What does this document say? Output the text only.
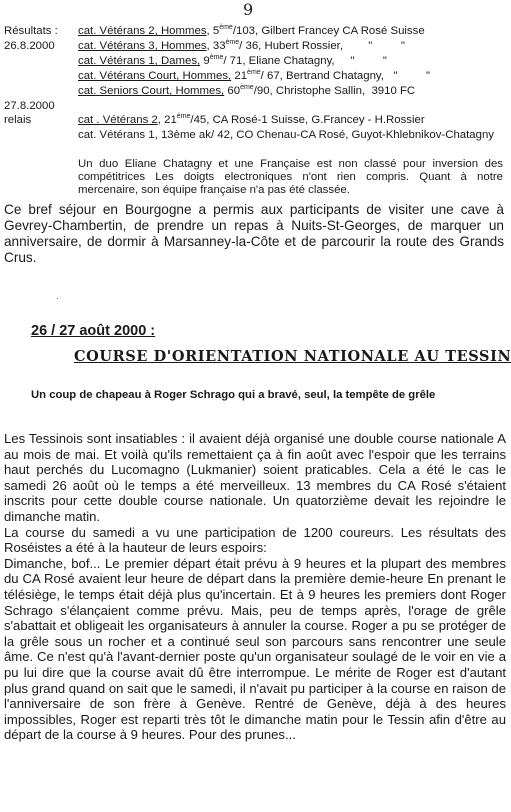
9
Résultats : cat. Vétérans 2, Hommes, 5ème/103, Gilbert Francey CA Rosé Suisse
26.8.2000 cat. Vétérans 3, Hommes, 33ème/ 36, Hubert Rossier,        "         "
cat. Vétérans 1, Dames, 9ème/ 71, Eliane Chatagny,     "         "
cat. Vétérans Court, Hommes, 21ème/ 67, Bertrand Chatagny,   "         "
cat. Seniors Court, Hommes, 60ème/90, Christophe Sallin,  3910 FC
27.8.2000
relais	cat . Vétérans 2, 21ème/45, CA Rosé-1 Suisse, G.Francey - H.Rossier
cat. Vétérans 1, 13ème ak/ 42, CO Chenau-CA Rosé, Guyot-Khlebnikov-Chatagny
Un duo Eliane Chatagny et une Française est non classé pour inversion des compétitrices Les doigts electroniques n'ont rien compris. Quant à notre mercenaire, son équipe française n'a pas été classée.
Ce bref séjour en Bourgogne a permis aux participants de visiter une cave à Gevrey-Chambertin, de prendre un repas à Nuits-St-Georges, de marquer un anniversaire, de dormir à Marsanney-la-Côte et de parcourir la route des Grands Crus.
·
26 / 27 août 2000 :
COURSE D'ORIENTATION NATIONALE AU TESSIN
Un coup de chapeau à Roger Schrago qui a bravé, seul, la tempête de grêle

Les Tessinois sont insatiables : il avaient déjà organisé une double course nationale A au mois de mai. Et voilà qu'ils remettaient ça à fin août avec l'espoir que les terrains haut perchés du Lucomagno (Lukmanier) soient praticables. Cela a été le cas le samedi 26 août où le temps a été merveilleux. 13 membres du CA Rosé s'étaient inscrits pour cette double course nationale. Un quatorzième devait les rejoindre le dimanche matin.

La course du samedi a vu une participation de 1200 coureurs. Les résultats des Roséistes a été à la hauteur de leurs espoirs:

Dimanche, bof... Le premier départ était prévu à 9 heures et la plupart des membres du CA Rosé avaient leur heure de départ dans la première demie-heure En prenant le télésiège, le temps était déjà plus qu'incertain. Et à 9 heures les premiers dont Roger Schrago s'élançaient comme prévu. Mais, peu de temps après, l'orage de grêle s'abattait et obligeait les organisateurs à annuler la course. Roger a pu se protéger de la grêle sous un rocher et a continué seul son parcours sans rencontrer une seule âme. Ce n'est qu'à l'avant-dernier poste qu'un organisateur soulagé de le voir en vie a pu lui dire que la course avait dû être interrompue. Le mérite de Roger est d'autant plus grand quand on sait que le samedi, il n'avait pu participer à la course en raison de l'anniversaire de son frère à Genève. Rentré de Genève, déjà à des heures impossibles, Roger est reparti très tôt le dimanche matin pour le Tessin afin d'être au départ de la course à 9 heures. Pour des prunes...
